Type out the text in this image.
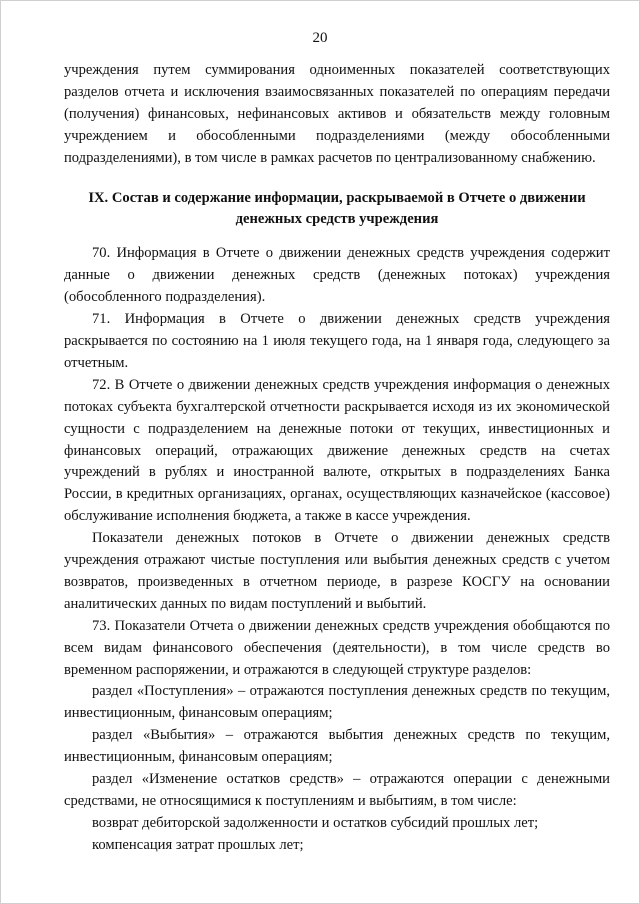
20

учреждения путем суммирования одноименных показателей соответствующих разделов отчета и исключения взаимосвязанных показателей по операциям передачи (получения) финансовых, нефинансовых активов и обязательств между головным учреждением и обособленными подразделениями (между обособленными подразделениями), в том числе в рамках расчетов по централизованному снабжению.

IX. Состав и содержание информации, раскрываемой в Отчете о движении денежных средств учреждения

70. Информация в Отчете о движении денежных средств учреждения содержит данные о движении денежных средств (денежных потоках) учреждения (обособленного подразделения).

71. Информация в Отчете о движении денежных средств учреждения раскрывается по состоянию на 1 июля текущего года, на 1 января года, следующего за отчетным.

72. В Отчете о движении денежных средств учреждения информация о денежных потоках субъекта бухгалтерской отчетности раскрывается исходя из их экономической сущности с подразделением на денежные потоки от текущих, инвестиционных и финансовых операций, отражающих движение денежных средств на счетах учреждений в рублях и иностранной валюте, открытых в подразделениях Банка России, в кредитных организациях, органах, осуществляющих казначейское (кассовое) обслуживание исполнения бюджета, а также в кассе учреждения.

Показатели денежных потоков в Отчете о движении денежных средств учреждения отражают чистые поступления или выбытия денежных средств с учетом возвратов, произведенных в отчетном периоде, в разрезе КОСГУ на основании аналитических данных по видам поступлений и выбытий.

73. Показатели Отчета о движении денежных средств учреждения обобщаются по всем видам финансового обеспечения (деятельности), в том числе средств во временном распоряжении, и отражаются в следующей структуре разделов:

раздел «Поступления» – отражаются поступления денежных средств по текущим, инвестиционным, финансовым операциям;

раздел «Выбытия» – отражаются выбытия денежных средств по текущим, инвестиционным, финансовым операциям;

раздел «Изменение остатков средств» – отражаются операции с денежными средствами, не относящимися к поступлениям и выбытиям, в том числе:

возврат дебиторской задолженности и остатков субсидий прошлых лет;

компенсация затрат прошлых лет;
